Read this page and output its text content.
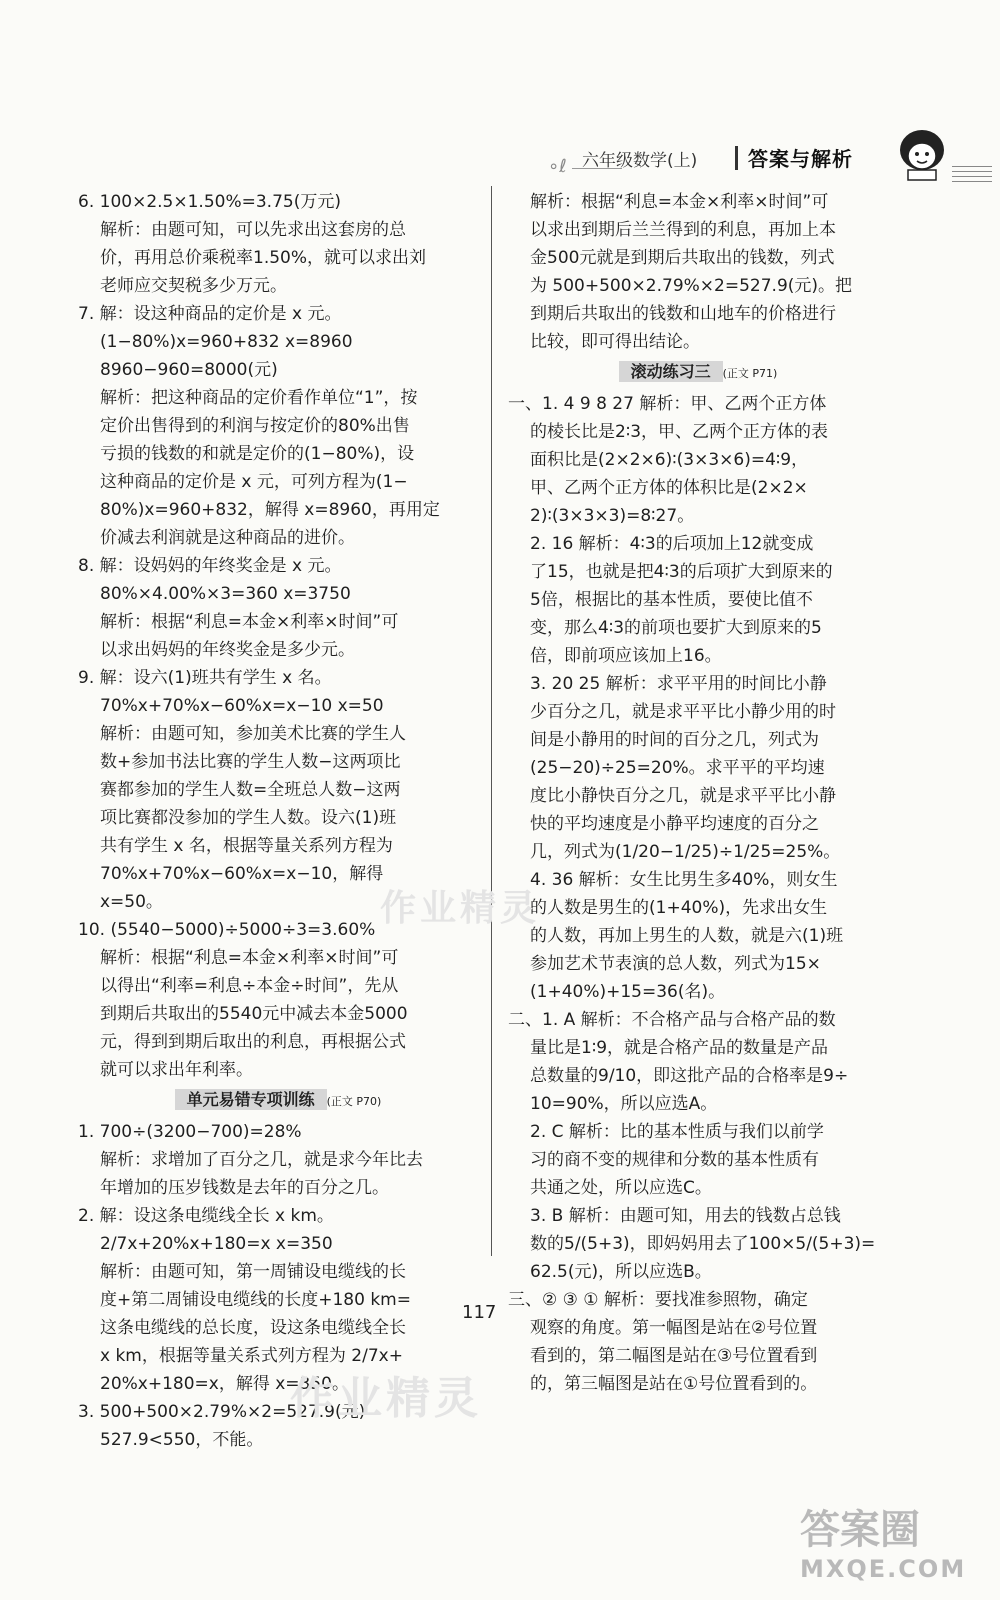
∘ℓ 六年级数学(上)	答案与解析
6. 100×2.5×1.50%=3.75(万元)
解析：由题可知，可以先求出这套房的总
价，再用总价乘税率1.50%，就可以求出刘
老师应交契税多少万元。
7. 解：设这种商品的定价是 x 元。
(1−80%)x=960+832 x=8960
8960−960=8000(元)
解析：把这种商品的定价看作单位“1”，按
定价出售得到的利润与按定价的80%出售
亏损的钱数的和就是定价的(1−80%)，设
这种商品的定价是 x 元，可列方程为(1−
80%)x=960+832，解得 x=8960，再用定
价减去利润就是这种商品的进价。
8. 解：设妈妈的年终奖金是 x 元。
80%×4.00%×3=360 x=3750
解析：根据“利息=本金×利率×时间”可
以求出妈妈的年终奖金是多少元。
9. 解：设六(1)班共有学生 x 名。
70%x+70%x−60%x=x−10 x=50
解析：由题可知，参加美术比赛的学生人
数+参加书法比赛的学生人数−这两项比
赛都参加的学生人数=全班总人数−这两
项比赛都没参加的学生人数。设六(1)班
共有学生 x 名，根据等量关系列方程为
70%x+70%x−60%x=x−10，解得
x=50。
10. (5540−5000)÷5000÷3=3.60%
解析：根据“利息=本金×利率×时间”可
以得出“利率=利息÷本金÷时间”，先从
到期后共取出的5540元中减去本金5000
元，得到到期后取出的利息，再根据公式
就可以求出年利率。
单元易错专项训练 (正文 P70)
1. 700÷(3200−700)=28%
解析：求增加了百分之几，就是求今年比去
年增加的压岁钱数是去年的百分之几。
2. 解：设这条电缆线全长 x km。
2/7x+20%x+180=x x=350
解析：由题可知，第一周铺设电缆线的长
度+第二周铺设电缆线的长度+180 km=
这条电缆线的总长度，设这条电缆线全长
x km，根据等量关系式列方程为 2/7x+
20%x+180=x，解得 x=350。
3. 500+500×2.79%×2=527.9(元)
527.9<550，不能。
解析：根据“利息=本金×利率×时间”可
以求出到期后兰兰得到的利息，再加上本
金500元就是到期后共取出的钱数，列式
为 500+500×2.79%×2=527.9(元)。把
到期后共取出的钱数和山地车的价格进行
比较，即可得出结论。
滚动练习三 (正文 P71)
一、1. 4 9 8 27 解析：甲、乙两个正方体
的棱长比是2∶3，甲、乙两个正方体的表
面积比是(2×2×6)∶(3×3×6)=4∶9，
甲、乙两个正方体的体积比是(2×2×
2)∶(3×3×3)=8∶27。
2. 16 解析：4∶3的后项加上12就变成
了15，也就是把4∶3的后项扩大到原来的
5倍，根据比的基本性质，要使比值不
变，那么4∶3的前项也要扩大到原来的5
倍，即前项应该加上16。
3. 20 25 解析：求平平用的时间比小静
少百分之几，就是求平平比小静少用的时
间是小静用的时间的百分之几，列式为
(25−20)÷25=20%。求平平的平均速
度比小静快百分之几，就是求平平比小静
快的平均速度是小静平均速度的百分之
几，列式为(1/20−1/25)÷1/25=25%。
4. 36 解析：女生比男生多40%，则女生
的人数是男生的(1+40%)，先求出女生
的人数，再加上男生的人数，就是六(1)班
参加艺术节表演的总人数，列式为15×
(1+40%)+15=36(名)。
二、1. A 解析：不合格产品与合格产品的数
量比是1∶9，就是合格产品的数量是产品
总数量的9/10，即这批产品的合格率是9÷
10=90%，所以应选A。
2. C 解析：比的基本性质与我们以前学
习的商不变的规律和分数的基本性质有
共通之处，所以应选C。
3. B 解析：由题可知，用去的钱数占总钱
数的5/(5+3)，即妈妈用去了100×5/(5+3)=
62.5(元)，所以应选B。
三、② ③ ① 解析：要找准参照物，确定
观察的角度。第一幅图是站在②号位置
看到的，第二幅图是站在③号位置看到
的，第三幅图是站在①号位置看到的。
作业精灵
作业精灵
117
答案圈
MXQE.COM
